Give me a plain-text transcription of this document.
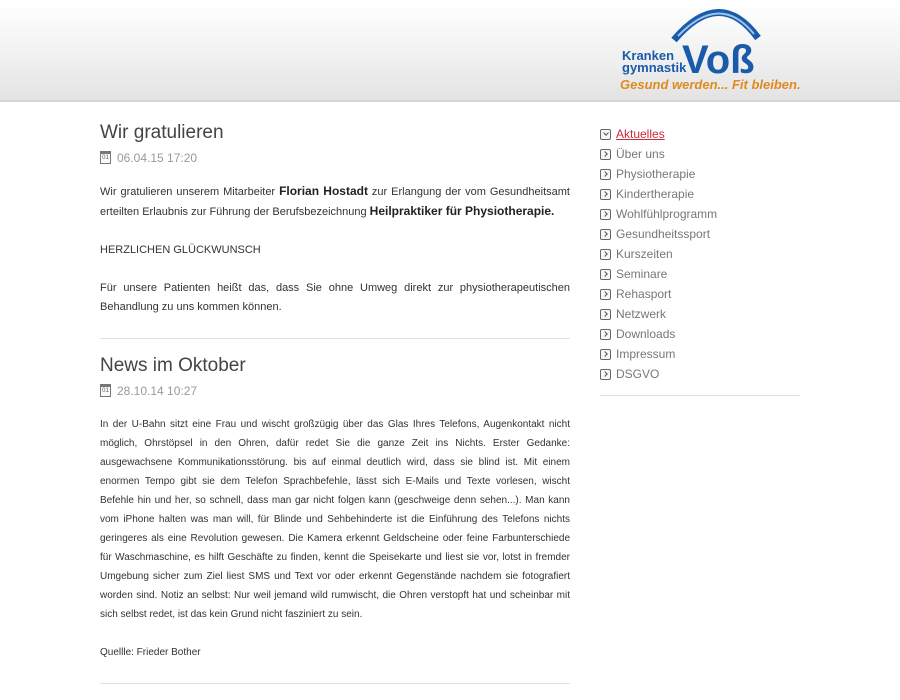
Kranken
gymnastik
Voß
Gesund werden... Fit bleiben.
Wir gratulieren
01 06.04.15 17:20

Wir gratulieren unserem Mitarbeiter Florian Hostadt zur Erlangung der vom Gesundheitsamt erteilten Erlaubnis zur Führung der Berufsbezeichnung Heilpraktiker für Physiotherapie.

HERZLICHEN GLÜCKWUNSCH

Für unsere Patienten heißt das, dass Sie ohne Umweg direkt zur physiotherapeutischen Behandlung zu uns kommen können.

News im Oktober
01 28.10.14 10:27

In der U-Bahn sitzt eine Frau und wischt großzügig über das Glas Ihres Telefons, Augenkontakt nicht möglich, Ohrstöpsel in den Ohren, dafür redet Sie die ganze Zeit ins Nichts. Erster Gedanke: ausgewachsene Kommunikationsstörung. bis auf einmal deutlich wird, dass sie blind ist. Mit einem enormen Tempo gibt sie dem Telefon Sprachbefehle, lässt sich E-Mails und Texte vorlesen, wischt Befehle hin und her, so schnell, dass man gar nicht folgen kann (geschweige denn sehen...). Man kann vom iPhone halten was man will, für Blinde und Sehbehinderte ist die Einführung des Telefons nichts geringeres als eine Revolution gewesen. Die Kamera erkennt Geldscheine oder feine Farbunterschiede für Waschmaschine, es hilft Geschäfte zu finden, kennt die Speisekarte und liest sie vor, lotst in fremder Umgebung sicher zum Ziel liest SMS und Text vor oder erkennt Gegenstände nachdem sie fotografiert worden sind. Notiz an selbst: Nur weil jemand wild rumwischt, die Ohren verstopft hat und scheinbar mit sich selbst redet, ist das kein Grund nicht fasziniert zu sein.

Quellle: Frieder Bother

Aktuelles
Über uns
Physiotherapie
Kindertherapie
Wohlfühlprogramm
Gesundheitssport
Kurszeiten
Seminare
Rehasport
Netzwerk
Downloads
Impressum
DSGVO
